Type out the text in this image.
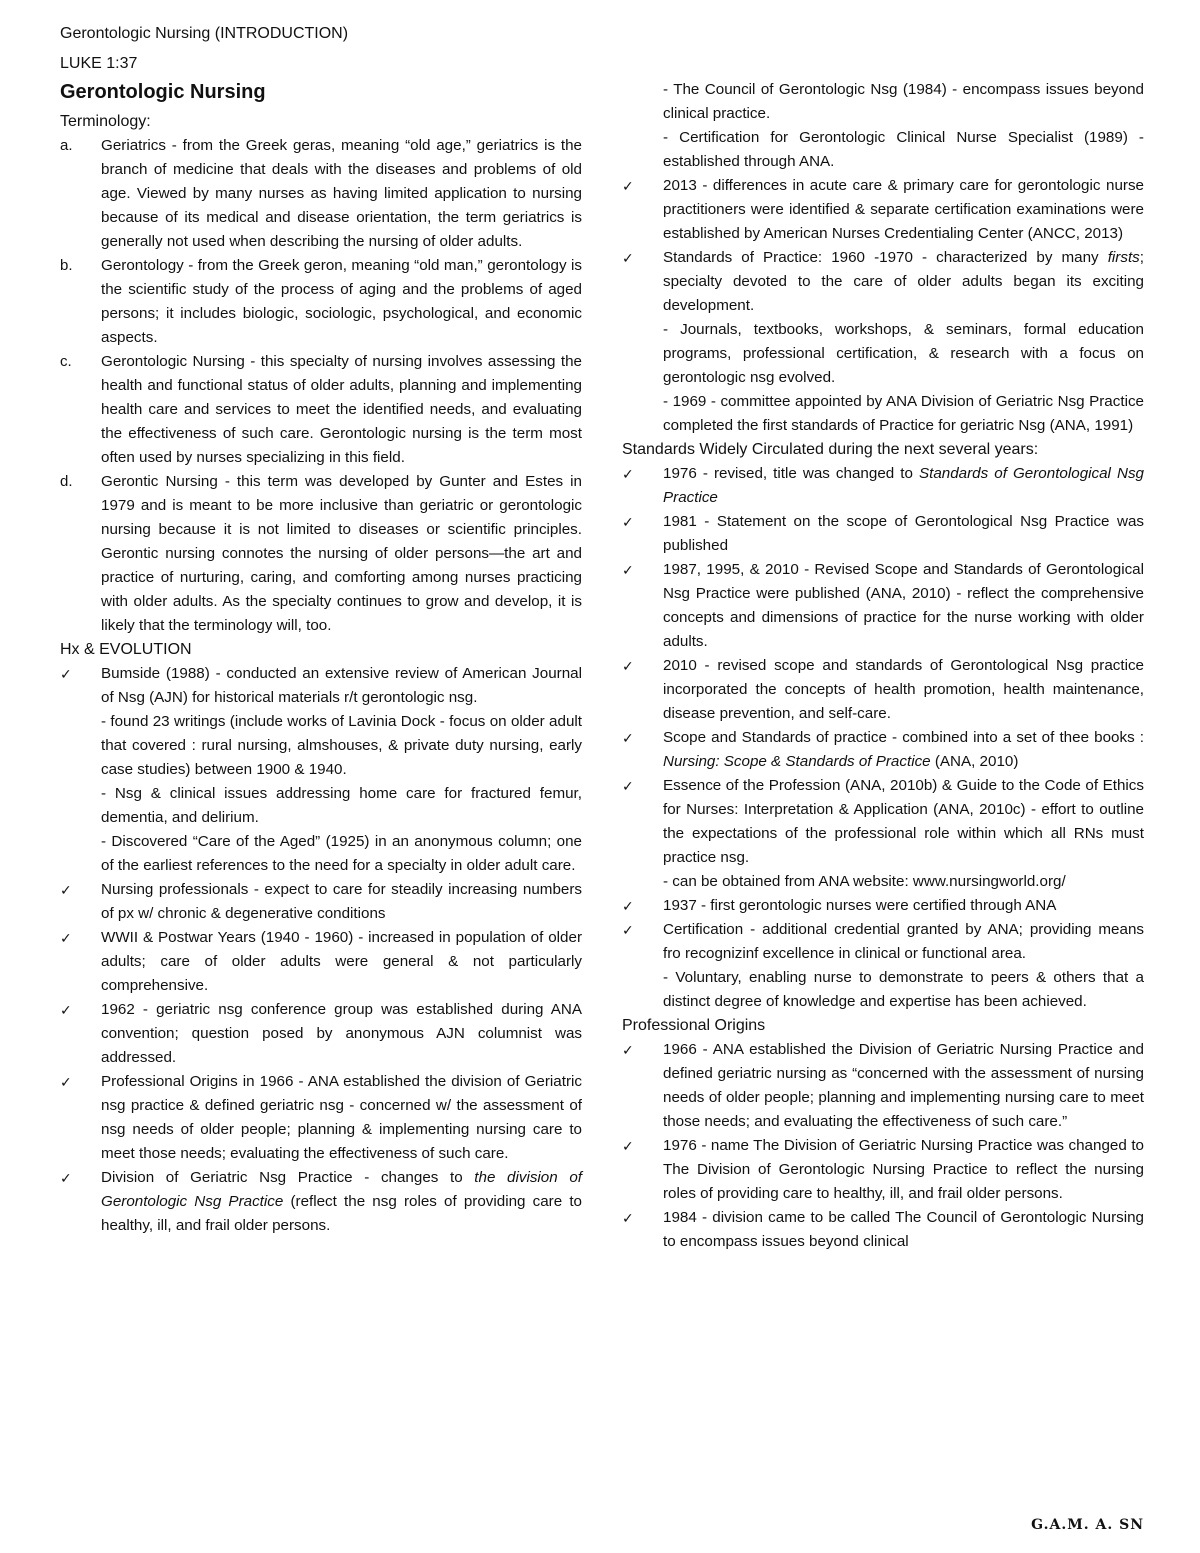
Gerontologic Nursing (INTRODUCTION)
LUKE 1:37
Gerontologic Nursing

Terminology:

a. Geriatrics - from the Greek geras, meaning “old age,” geriatrics is the branch of medicine that deals with the diseases and problems of old age. Viewed by many nurses as having limited application to nursing because of its medical and disease orientation, the term geriatrics is generally not used when describing the nursing of older adults.

b. Gerontology - from the Greek geron, meaning “old man,” gerontology is the scientific study of the process of aging and the problems of aged persons; it includes biologic, sociologic, psychological, and economic aspects.

c. Gerontologic Nursing - this specialty of nursing involves assessing the health and functional status of older adults, planning and implementing health care and services to meet the identified needs, and evaluating the effectiveness of such care. Gerontologic nursing is the term most often used by nurses specializing in this field.

d. Gerontic Nursing - this term was developed by Gunter and Estes in 1979 and is meant to be more inclusive than geriatric or gerontologic nursing because it is not limited to diseases or scientific principles. Gerontic nursing connotes the nursing of older persons—the art and practice of nurturing, caring, and comforting among nurses practicing with older adults. As the specialty continues to grow and develop, it is likely that the terminology will, too.

Hx & EVOLUTION

✓ Bumside (1988) - conducted an extensive review of American Journal of Nsg (AJN) for historical materials r/t gerontologic nsg.

- found 23 writings (include works of Lavinia Dock - focus on older adult that covered : rural nursing, almshouses, & private duty nursing, early case studies) between 1900 & 1940.

- Nsg & clinical issues addressing home care for fractured femur, dementia, and delirium.

- Discovered “Care of the Aged” (1925) in an anonymous column; one of the earliest references to the need for a specialty in older adult care.

✓ Nursing professionals - expect to care for steadily increasing numbers of px w/ chronic & degenerative conditions

✓ WWII & Postwar Years (1940 - 1960) - increased in population of older adults; care of older adults were general & not particularly comprehensive.

✓ 1962 - geriatric nsg conference group was established during ANA convention; question posed by anonymous AJN columnist was addressed.

✓ Professional Origins in 1966 - ANA established the division of Geriatric nsg practice & defined geriatric nsg - concerned w/ the assessment of nsg needs of older people; planning & implementing nursing care to meet those needs; evaluating the effectiveness of such care.

✓ Division of Geriatric Nsg Practice - changes to the division of Gerontologic Nsg Practice (reflect the nsg roles of providing care to healthy, ill, and frail older persons.

- The Council of Gerontologic Nsg (1984) - encompass issues beyond clinical practice.

- Certification for Gerontologic Clinical Nurse Specialist (1989) - established through ANA.

✓ 2013 - differences in acute care & primary care for gerontologic nurse practitioners were identified & separate certification examinations were established by American Nurses Credentialing Center (ANCC, 2013)

✓ Standards of Practice: 1960 -1970 - characterized by many firsts; specialty devoted to the care of older adults began its exciting development.

- Journals, textbooks, workshops, & seminars, formal education programs, professional certification, & research with a focus on gerontologic nsg evolved.

- 1969 - committee appointed by ANA Division of Geriatric Nsg Practice completed the first standards of Practice for geriatric Nsg (ANA, 1991)

Standards Widely Circulated during the next several years:

✓ 1976 - revised, title was changed to Standards of Gerontological Nsg Practice

✓ 1981 - Statement on the scope of Gerontological Nsg Practice was published

✓ 1987, 1995, & 2010 - Revised Scope and Standards of Gerontological Nsg Practice were published (ANA, 2010) - reflect the comprehensive concepts and dimensions of practice for the nurse working with older adults.

✓ 2010 - revised scope and standards of Gerontological Nsg practice incorporated the concepts of health promotion, health maintenance, disease prevention, and self-care.

✓ Scope and Standards of practice - combined into a set of thee books : Nursing: Scope & Standards of Practice (ANA, 2010)

✓ Essence of the Profession (ANA, 2010b) & Guide to the Code of Ethics for Nurses: Interpretation & Application (ANA, 2010c) - effort to outline the expectations of the professional role within which all RNs must practice nsg.

- can be obtained from ANA website: www.nursingworld.org/

✓ 1937 - first gerontologic nurses were certified through ANA

✓ Certification - additional credential granted by ANA; providing means fro recognizinf excellence in clinical or functional area.

- Voluntary, enabling nurse to demonstrate to peers & others that a distinct degree of knowledge and expertise has been achieved.

Professional Origins

✓ 1966 - ANA established the Division of Geriatric Nursing Practice and defined geriatric nursing as “concerned with the assessment of nursing needs of older people; planning and implementing nursing care to meet those needs; and evaluating the effectiveness of such care.”

✓ 1976 - name The Division of Geriatric Nursing Practice was changed to The Division of Gerontologic Nursing Practice to reflect the nursing roles of providing care to healthy, ill, and frail older persons.

✓ 1984 - division came to be called The Council of Gerontologic Nursing to encompass issues beyond clinical

G.A.M. A. SN
